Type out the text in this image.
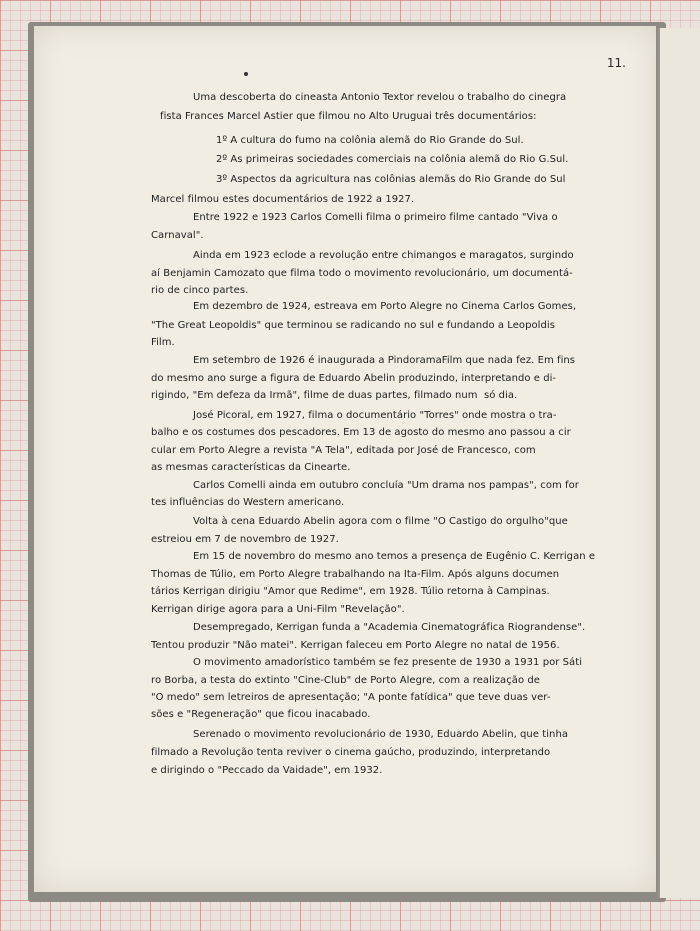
11.
Uma descoberta do cineasta Antonio Textor revelou o trabalho do cinegra
fista Frances Marcel Astier que filmou no Alto Uruguai três documentários:
1º A cultura do fumo na colônia alemã do Rio Grande do Sul.
2º As primeiras sociedades comerciais na colônia alemã do Rio G.Sul.
3º Aspectos da agricultura nas colônias alemãs do Rio Grande do Sul
Marcel filmou estes documentários de 1922 a 1927.
Entre 1922 e 1923 Carlos Comelli filma o primeiro filme cantado "Viva o
Carnaval".
Ainda em 1923 eclode a revolução entre chimangos e maragatos, surgindo
aí Benjamin Camozato que filma todo o movimento revolucionário, um documentá-
rio de cinco partes.
Em dezembro de 1924, estreava em Porto Alegre no Cinema Carlos Gomes,
"The Great Leopoldis" que terminou se radicando no sul e fundando a Leopoldis
Film.
Em setembro de 1926 é inaugurada a PindoramaFilm que nada fez. Em fins
do mesmo ano surge a figura de Eduardo Abelin produzindo, interpretando e di-
rigindo, "Em defeza da Irmã", filme de duas partes, filmado num  só dia.
José Picoral, em 1927, filma o documentário "Torres" onde mostra o tra-
balho e os costumes dos pescadores. Em 13 de agosto do mesmo ano passou a cir
cular em Porto Alegre a revista "A Tela", editada por José de Francesco, com
as mesmas características da Cinearte.
Carlos Comelli ainda em outubro concluía "Um drama nos pampas", com for
tes influências do Western americano.
Volta à cena Eduardo Abelin agora com o filme "O Castigo do orgulho"que
estreiou em 7 de novembro de 1927.
Em 15 de novembro do mesmo ano temos a presença de Eugênio C. Kerrigan e
Thomas de Túlio, em Porto Alegre trabalhando na Ita-Film. Após alguns documen
tários Kerrigan dirigiu "Amor que Redime", em 1928. Túlio retorna à Campinas.
Kerrigan dirige agora para a Uni-Film "Revelação".
Desempregado, Kerrigan funda a "Academia Cinematográfica Riograndense".
Tentou produzir "Não matei". Kerrigan faleceu em Porto Alegre no natal de 1956.
O movimento amadorístico também se fez presente de 1930 a 1931 por Sáti
ro Borba, a testa do extinto "Cine-Club" de Porto Alegre, com a realização de
"O medo" sem letreiros de apresentação; "A ponte fatídica" que teve duas ver-
sões e "Regeneração" que ficou inacabado.
Serenado o movimento revolucionário de 1930, Eduardo Abelin, que tinha
filmado a Revolução tenta reviver o cinema gaúcho, produzindo, interpretando
e dirigindo o "Peccado da Vaidade", em 1932.
